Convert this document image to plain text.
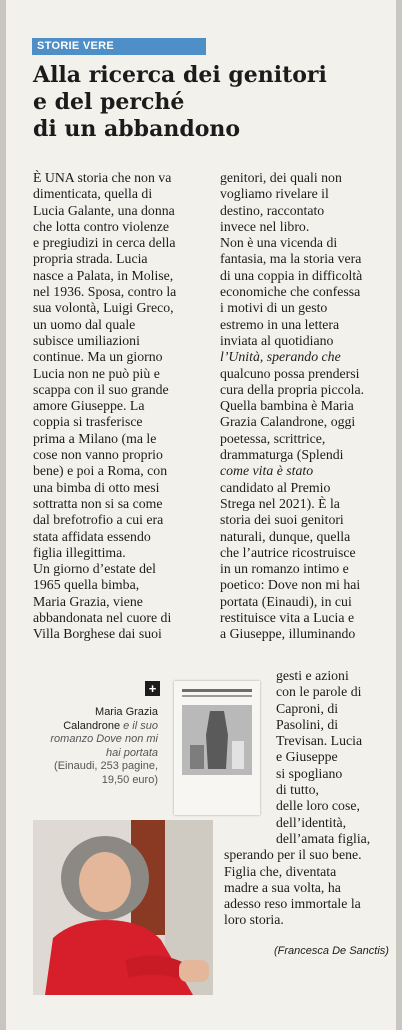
STORIE VERE
Alla ricerca dei genitori
e del perché
di un abbandono
È UNA storia che non va
dimenticata, quella di
Lucia Galante, una donna
che lotta contro violenze
e pregiudizi in cerca della
propria strada. Lucia
nasce a Palata, in Molise,
nel 1936. Sposa, contro la
sua volontà, Luigi Greco,
un uomo dal quale
subisce umiliazioni
continue. Ma un giorno
Lucia non ne può più e
scappa con il suo grande
amore Giuseppe. La
coppia si trasferisce
prima a Milano (ma le
cose non vanno proprio
bene) e poi a Roma, con
una bimba di otto mesi
sottratta non si sa come
dal brefotrofio a cui era
stata affidata essendo
figlia illegittima.
Un giorno d’estate del
1965 quella bimba,
Maria Grazia, viene
abbandonata nel cuore di
Villa Borghese dai suoi
genitori, dei quali non
vogliamo rivelare il
destino, raccontato
invece nel libro.
Non è una vicenda di
fantasia, ma la storia vera
di una coppia in difficoltà
economiche che confessa
i motivi di un gesto
estremo in una lettera
inviata al quotidiano
l’Unità, sperando che
qualcuno possa prendersi
cura della propria piccola.
Quella bambina è Maria
Grazia Calandrone, oggi
poetessa, scrittrice,
drammaturga (Splendi
come vita è stato
candidato al Premio
Strega nel 2021). È la
storia dei suoi genitori
naturali, dunque, quella
che l’autrice ricostruisce
in un romanzo intimo e
poetico: Dove non mi hai
portata (Einaudi), in cui
restituisce vita a Lucia e
a Giuseppe, illuminando
gesti e azioni
con le parole di
Caproni, di
Pasolini, di
Trevisan. Lucia
e Giuseppe
si spogliano
di tutto,
delle loro cose,
dell’identità,
dell’amata figlia,
sperando per il suo bene.
Figlia che, diventata
madre a sua volta, ha
adesso reso immortale la
loro storia.
+
Maria Grazia
Calandrone e il suo
romanzo Dove non mi
hai portata
(Einaudi, 253 pagine,
19,50 euro)
(Francesca De Sanctis)
